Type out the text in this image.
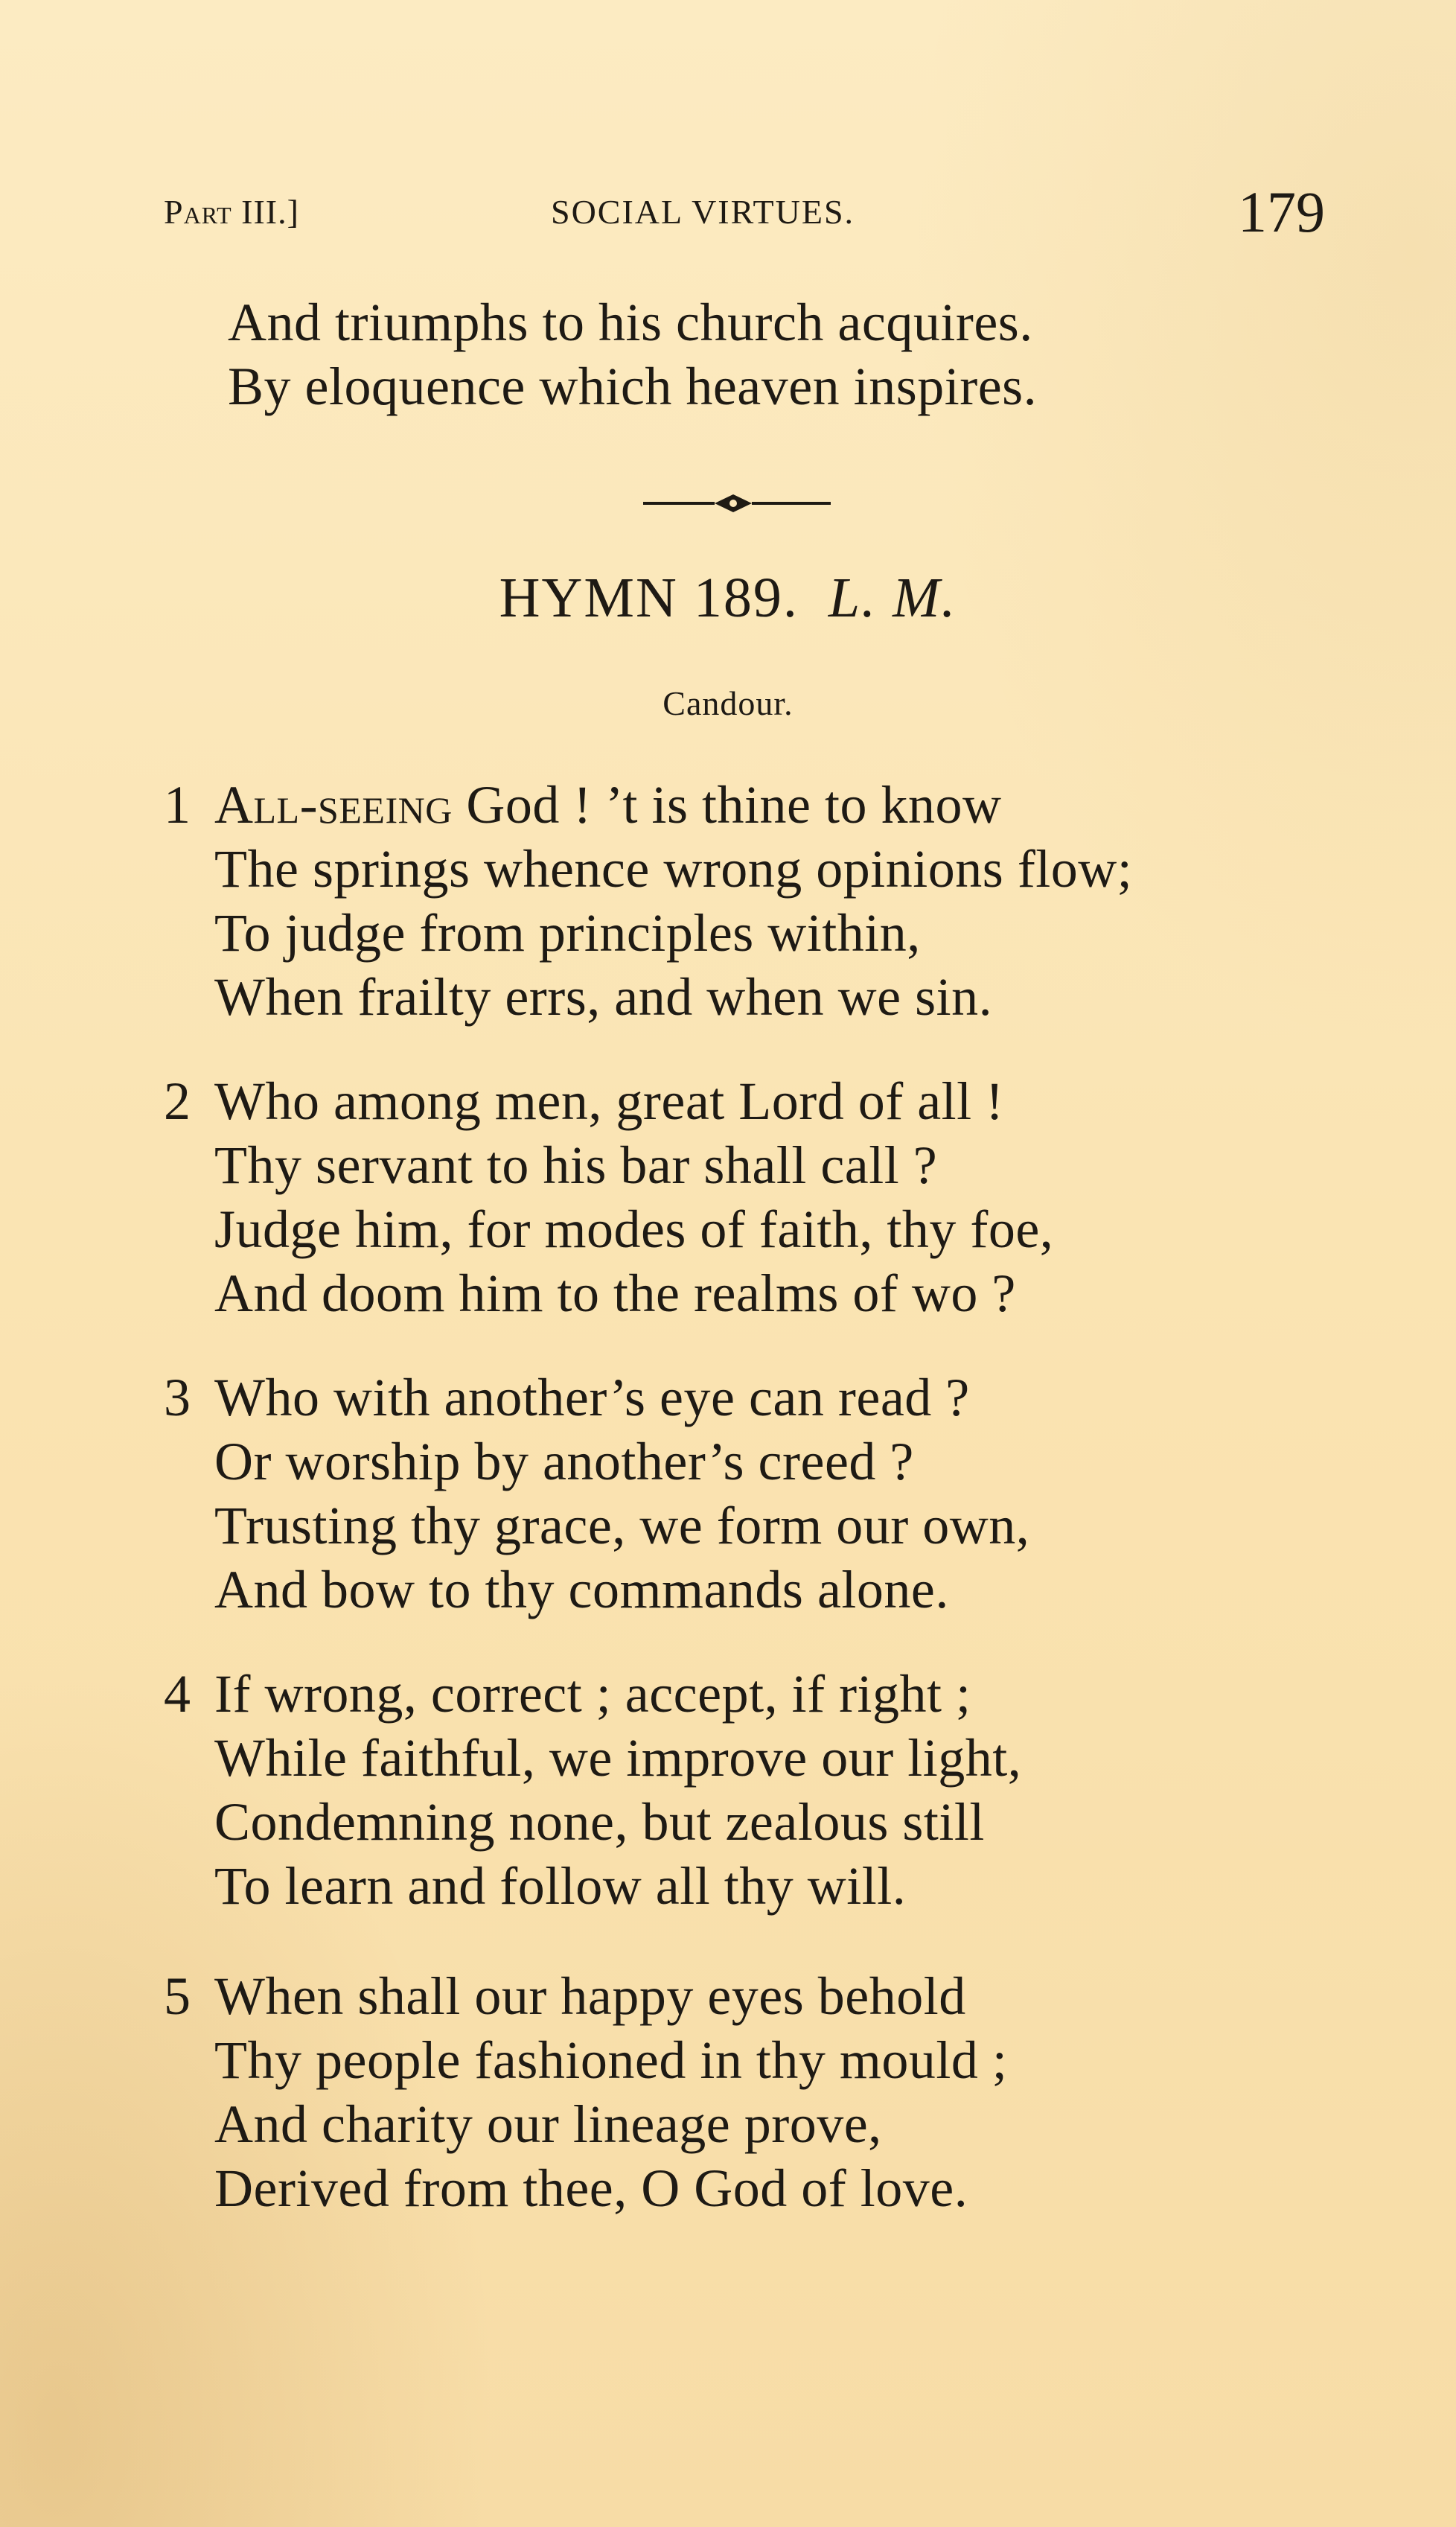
Part III.]	SOCIAL VIRTUES.	179
And triumphs to his church acquires.
By eloquence which heaven inspires.
HYMN 189. L. M.
Candour.
1 All-seeing God ! ’t is thine to know
The springs whence wrong opinions flow;
To judge from principles within,
When frailty errs, and when we sin.
2 Who among men, great Lord of all !
Thy servant to his bar shall call ?
Judge him, for modes of faith, thy foe,
And doom him to the realms of wo ?
3 Who with another’s eye can read ?
Or worship by another’s creed ?
Trusting thy grace, we form our own,
And bow to thy commands alone.
4 If wrong, correct ; accept, if right ;
While faithful, we improve our light,
Condemning none, but zealous still
To learn and follow all thy will.
5 When shall our happy eyes behold
Thy people fashioned in thy mould ;
And charity our lineage prove,
Derived from thee, O God of love.
